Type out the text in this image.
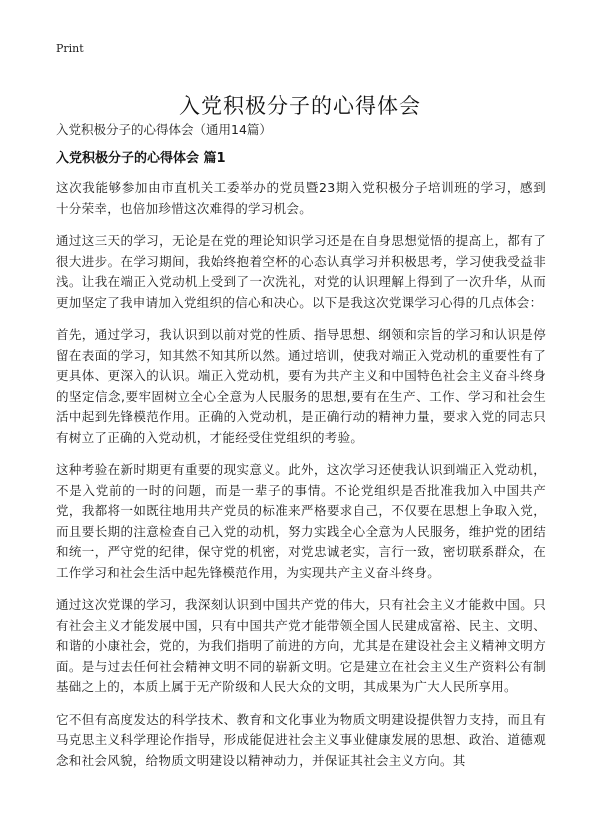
Print
入党积极分子的心得体会
入党积极分子的心得体会（通用14篇）
入党积极分子的心得体会 篇1

这次我能够参加由市直机关工委举办的党员暨23期入党积极分子培训班的学习，感到十分荣幸，也倍加珍惜这次难得的学习机会。

通过这三天的学习，无论是在党的理论知识学习还是在自身思想觉悟的提高上，都有了很大进步。在学习期间，我始终抱着空杯的心态认真学习并积极思考，学习使我受益非浅。让我在端正入党动机上受到了一次洗礼，对党的认识理解上得到了一次升华，从而更加坚定了我申请加入党组织的信心和决心。以下是我这次党课学习心得的几点体会：

首先，通过学习，我认识到以前对党的性质、指导思想、纲领和宗旨的学习和认识是停留在表面的学习，知其然不知其所以然。通过培训，使我对端正入党动机的重要性有了更具体、更深入的认识。端正入党动机，要有为共产主义和中国特色社会主义奋斗终身的坚定信念,要牢固树立全心全意为人民服务的思想,要有在生产、工作、学习和社会生活中起到先锋模范作用。正确的入党动机，是正确行动的精神力量，要求入党的同志只有树立了正确的入党动机，才能经受住党组织的考验。

这种考验在新时期更有重要的现实意义。此外，这次学习还使我认识到端正入党动机，不是入党前的一时的问题，而是一辈子的事情。不论党组织是否批准我加入中国共产党，我都将一如既往地用共产党员的标准来严格要求自己，不仅要在思想上争取入党，而且要长期的注意检查自己入党的动机，努力实践全心全意为人民服务，维护党的团结和统一，严守党的纪律，保守党的机密，对党忠诚老实，言行一致，密切联系群众，在工作学习和社会生活中起先锋模范作用，为实现共产主义奋斗终身。

通过这次党课的学习，我深刻认识到中国共产党的伟大，只有社会主义才能救中国。只有社会主义才能发展中国，只有中国共产党才能带领全国人民建成富裕、民主、文明、和谐的小康社会，党的，为我们指明了前进的方向，尤其是在建设社会主义精神文明方面。是与过去任何社会精神文明不同的崭新文明。它是建立在社会主义生产资料公有制基础之上的，本质上属于无产阶级和人民大众的文明，其成果为广大人民所享用。

它不但有高度发达的科学技术、教育和文化事业为物质文明建设提供智力支持，而且有马克思主义科学理论作指导，形成能促进社会主义事业健康发展的思想、政治、道德观念和社会风貌，给物质文明建设以精神动力，并保证其社会主义方向。其
